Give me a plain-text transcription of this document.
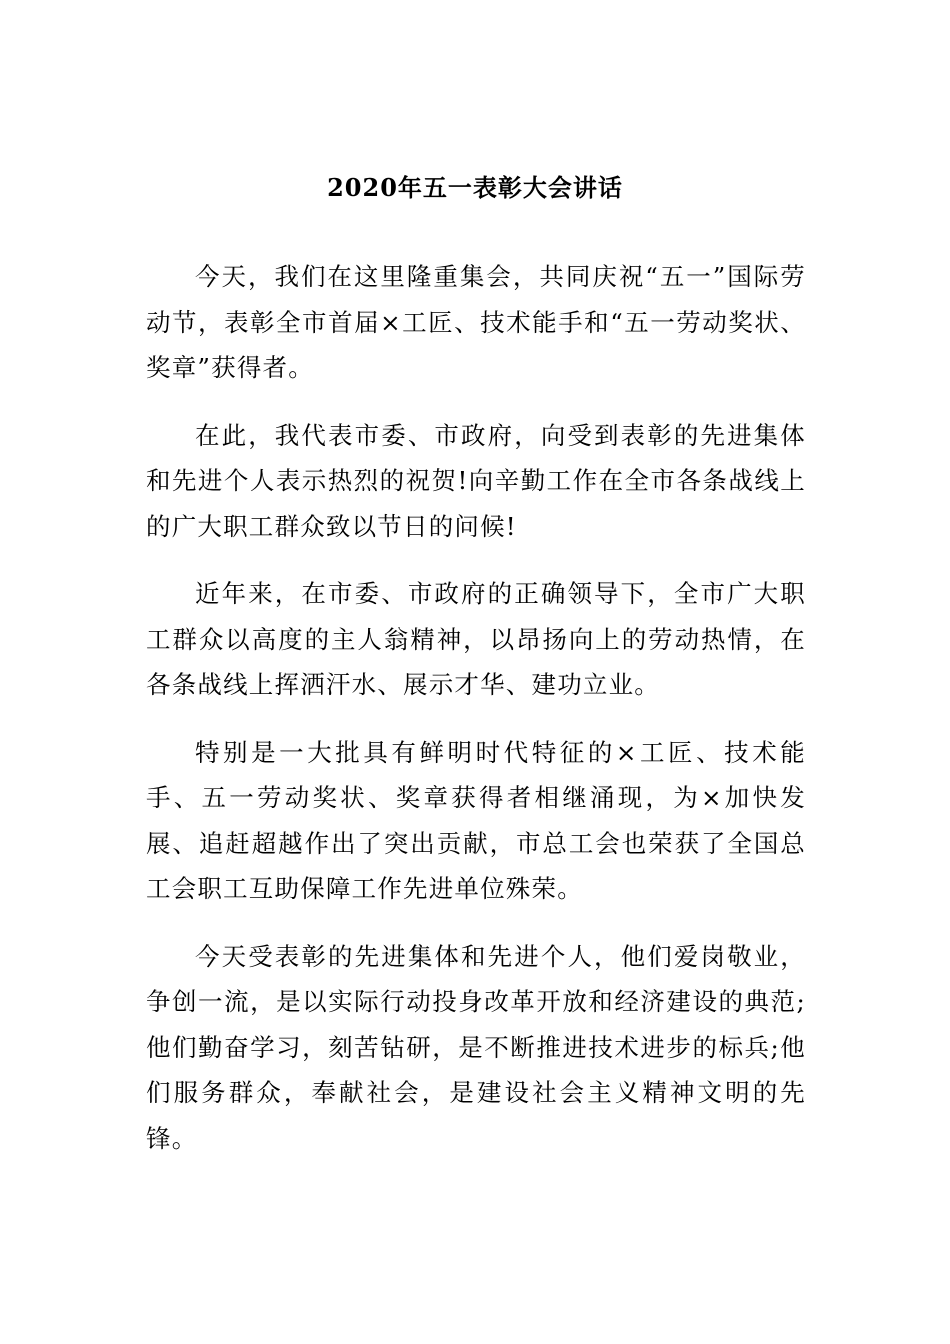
2020年五一表彰大会讲话

今天，我们在这里隆重集会，共同庆祝“五一”国际劳动节，表彰全市首届×工匠、技术能手和“五一劳动奖状、奖章”获得者。

在此，我代表市委、市政府，向受到表彰的先进集体和先进个人表示热烈的祝贺!向辛勤工作在全市各条战线上的广大职工群众致以节日的问候!

近年来，在市委、市政府的正确领导下，全市广大职工群众以高度的主人翁精神，以昂扬向上的劳动热情，在各条战线上挥洒汗水、展示才华、建功立业。

特别是一大批具有鲜明时代特征的×工匠、技术能手、五一劳动奖状、奖章获得者相继涌现，为×加快发展、追赶超越作出了突出贡献，市总工会也荣获了全国总工会职工互助保障工作先进单位殊荣。

今天受表彰的先进集体和先进个人，他们爱岗敬业，争创一流，是以实际行动投身改革开放和经济建设的典范;他们勤奋学习，刻苦钻研，是不断推进技术进步的标兵;他们服务群众，奉献社会，是建设社会主义精神文明的先锋。
